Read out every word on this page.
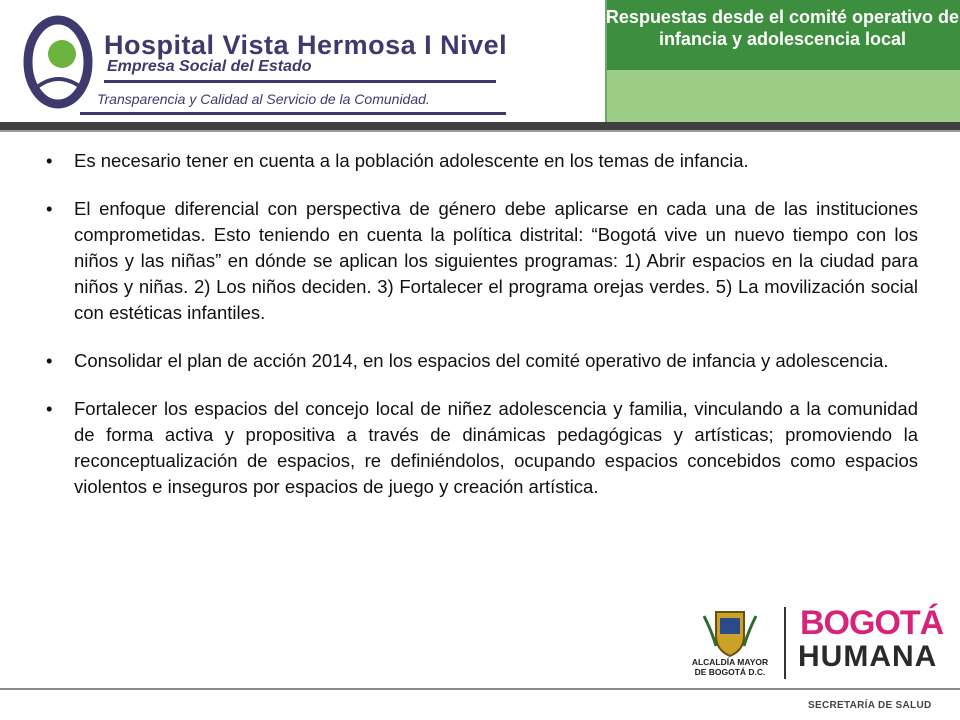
Hospital Vista Hermosa I Nivel
Empresa Social del Estado
Transparencia y Calidad al Servicio de la Comunidad.
Respuestas desde el comité operativo de infancia y adolescencia local
• Es necesario tener en cuenta a la población adolescente en los temas de infancia.
• El enfoque diferencial con perspectiva de género debe aplicarse en cada una de las instituciones comprometidas. Esto teniendo en cuenta la política distrital: “Bogotá vive un nuevo tiempo con los niños y las niñas” en dónde se aplican los siguientes programas: 1) Abrir espacios en la ciudad para niños y niñas. 2) Los niños deciden. 3) Fortalecer el programa orejas verdes. 5) La movilización social con estéticas infantiles.
• Consolidar el plan de acción 2014, en los espacios del comité operativo de infancia y adolescencia.
• Fortalecer los espacios del concejo local de niñez adolescencia y familia, vinculando a la comunidad de forma activa y propositiva a través de dinámicas pedagógicas y artísticas; promoviendo la reconceptualización de espacios, re definiéndolos, ocupando espacios concebidos como espacios violentos e inseguros por espacios de juego y creación artística.
ALCALDÍA MAYOR
DE BOGOTÁ D.C.
BOGOTÁ
HUMANA
SECRETARÍA DE SALUD
